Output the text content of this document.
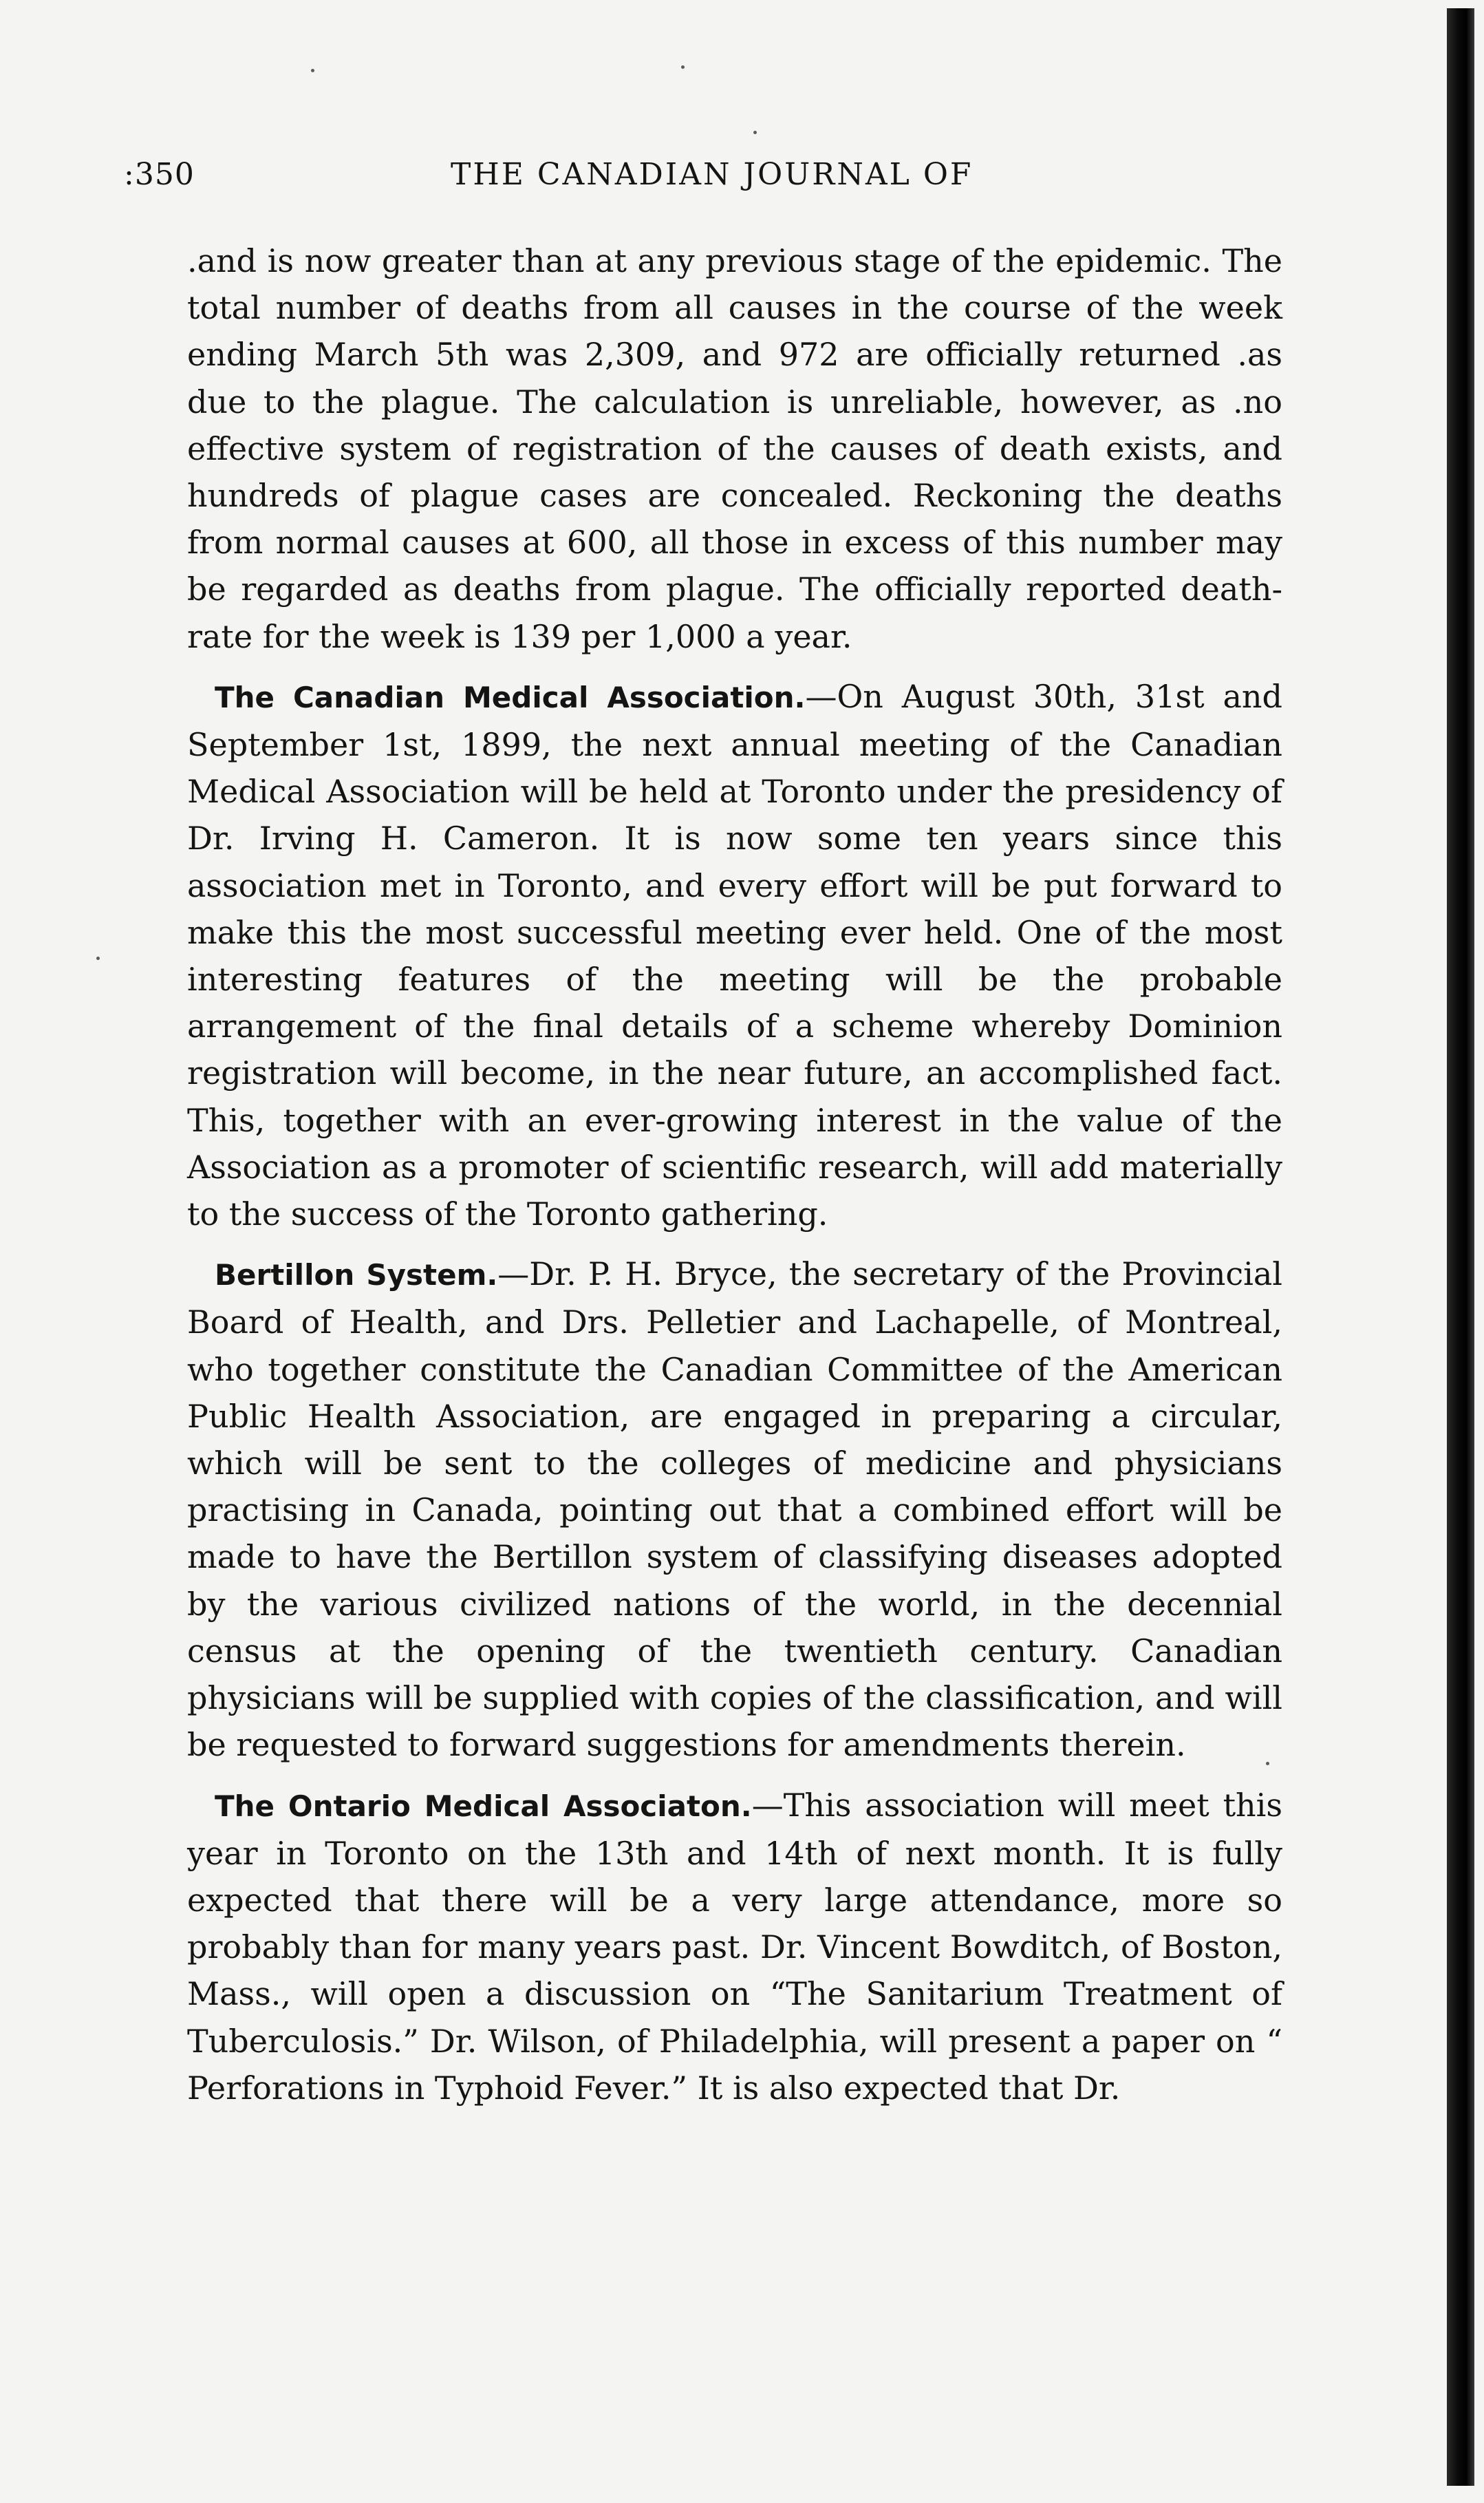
:350	THE CANADIAN JOURNAL OF

.and is now greater than at any previous stage of the epidemic. The total number of deaths from all causes in the course of the week ending March 5th was 2,309, and 972 are officially returned .as due to the plague. The calculation is unreliable, however, as .no effective system of registration of the causes of death exists, and hundreds of plague cases are concealed. Reckoning the deaths from normal causes at 600, all those in excess of this number may be regarded as deaths from plague. The officially reported death-rate for the week is 139 per 1,000 a year.

The Canadian Medical Association.—On August 30th, 31st and September 1st, 1899, the next annual meeting of the Canadian Medical Association will be held at Toronto under the presidency of Dr. Irving H. Cameron. It is now some ten years since this association met in Toronto, and every effort will be put forward to make this the most successful meeting ever held. One of the most interesting features of the meeting will be the probable arrangement of the final details of a scheme whereby Dominion registration will become, in the near future, an accomplished fact. This, together with an ever-growing interest in the value of the Association as a promoter of scientific research, will add materially to the success of the Toronto gathering.

Bertillon System.—Dr. P. H. Bryce, the secretary of the Provincial Board of Health, and Drs. Pelletier and Lachapelle, of Montreal, who together constitute the Canadian Committee of the American Public Health Association, are engaged in preparing a circular, which will be sent to the colleges of medicine and physicians practising in Canada, pointing out that a combined effort will be made to have the Bertillon system of classifying diseases adopted by the various civilized nations of the world, in the decennial census at the opening of the twentieth century. Canadian physicians will be supplied with copies of the classification, and will be requested to forward suggestions for amendments therein.

The Ontario Medical Associaton.—This association will meet this year in Toronto on the 13th and 14th of next month. It is fully expected that there will be a very large attendance, more so probably than for many years past. Dr. Vincent Bowditch, of Boston, Mass., will open a discussion on “The Sanitarium Treatment of Tuberculosis.” Dr. Wilson, of Philadelphia, will present a paper on “ Perforations in Typhoid Fever.” It is also expected that Dr.
